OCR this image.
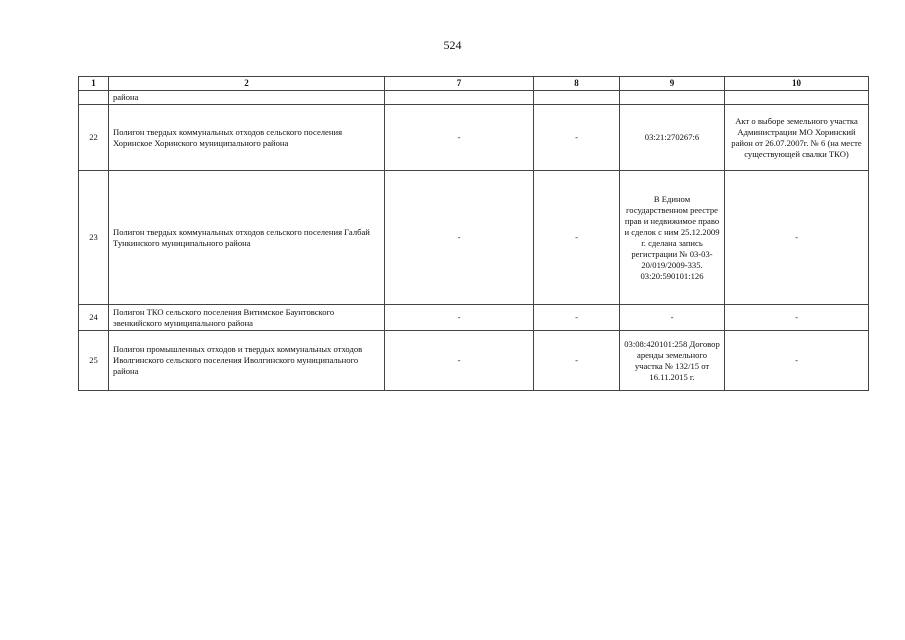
524
1	2	7	8	9	10
	района				
22	Полигон твердых коммунальных отходов сельского поселения Хоринское Хоринского муниципального района	-	-	03:21:270267:6	Акт о выборе земельного участка Администрации МО Хоринский район от 26.07.2007г. № 6 (на месте существующей свалки ТКО)
23	Полигон твердых коммунальных отходов сельского поселения Галбай Тункинского муниципального района	-	-	В Едином государственном реестре прав и недвижимое право и сделок с ним 25.12.2009 г. сделана запись регистрации № 03-03-20/019/2009-335. 03:20:590101:126	-
24	Полигон ТКО сельского поселения Витимское Баунтовского эвенкийского муниципального района	-	-	-	-
25	Полигон промышленных отходов и твердых коммунальных отходов Иволгинского сельского поселения Иволгинского муниципального района	-	-	03:08:420101:258 Договор аренды земельного участка № 132/15 от 16.11.2015 г.	-
